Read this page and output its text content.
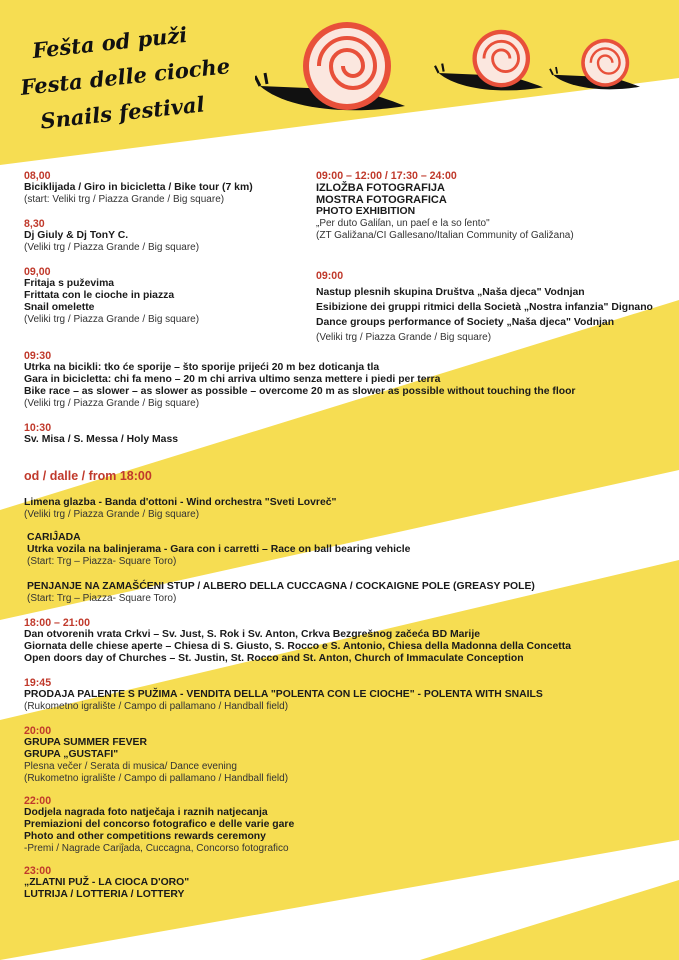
Fešta od puži
Festa delle cioche
Snails festival
08,00
Biciklijada / Giro in bicicletta / Bike tour (7 km)
(start: Veliki trg / Piazza Grande / Big square)
8,30
Dj Giuly & Dj TonY C.
(Veliki trg / Piazza Grande / Big square)
09,00
Fritaja s puževima
Frittata con le cioche in piazza
Snail omelette
(Veliki trg / Piazza Grande / Big square)
09:00 – 12:00 / 17:30 – 24:00
IZLOŽBA FOTOGRAFIJA
MOSTRA FOTOGRAFICA
PHOTO EXHIBITION
„Per duto Galiſan, un paeſ e la so ſento"
(ZT Galižana/CI Gallesano/Italian Community of Galižana)
09:00
Nastup plesnih skupina Društva „Naša djeca" Vodnjan
Esibizione dei gruppi ritmici della Società „Nostra infanzia" Dignano
Dance groups performance of Society „Naša djeca" Vodnjan
(Veliki trg / Piazza Grande / Big square)
09:30
Utrka na bicikli: tko će sporije – što sporije prijeći 20 m bez doticanja tla
Gara in bicicletta: chi fa meno – 20 m chi arriva ultimo senza mettere i piedi per terra
Bike race – as slower – as slower as possible – overcome 20 m as slower as possible without touching the floor
(Veliki trg / Piazza Grande / Big square)
10:30
Sv. Misa / S. Messa / Holy Mass
od / dalle / from 18:00
Limena glazba - Banda d'ottoni - Wind orchestra "Sveti Lovreč"
(Veliki trg / Piazza Grande / Big square)
CARIĴADA
Utrka vozila na balinjerama - Gara con i carretti – Race on ball bearing vehicle
(Start: Trg – Piazza- Square Toro)
PENJANJE NA ZAMAŠĆENI STUP / ALBERO DELLA CUCCAGNA / COCKAIGNE POLE (GREASY POLE)
(Start: Trg – Piazza- Square Toro)
18:00 – 21:00
Dan otvorenih vrata Crkvi – Sv. Just, S. Rok i Sv. Anton, Crkva Bezgrešnog začeća BD Marije
Giornata delle chiese aperte – Chiesa di S. Giusto, S. Rocco e S. Antonio, Chiesa della Madonna della Concetta
Open doors day of Churches – St. Justin, St. Rocco and St. Anton, Church of Immaculate Conception
19:45
PRODAJA PALENTE S PUŽIMA - VENDITA DELLA "POLENTA CON LE CIOCHE" - POLENTA WITH SNAILS
(Rukometno igralište / Campo di pallamano / Handball field)
20:00
GRUPA SUMMER FEVER
GRUPA „GUSTAFI"
Plesna večer / Serata di musica/ Dance evening
(Rukometno igralište / Campo di pallamano / Handball field)
22:00
Dodjela nagrada foto natječaja i raznih natjecanja
Premiazioni del concorso fotografico e delle varie gare
Photo and other competitions rewards ceremony
-Premi / Nagrade Cariĵada, Cuccagna, Concorso fotografico
23:00
„ZLATNI PUŽ - LA CIOCA D'ORO"
LUTRIJA / LOTTERIA / LOTTERY
